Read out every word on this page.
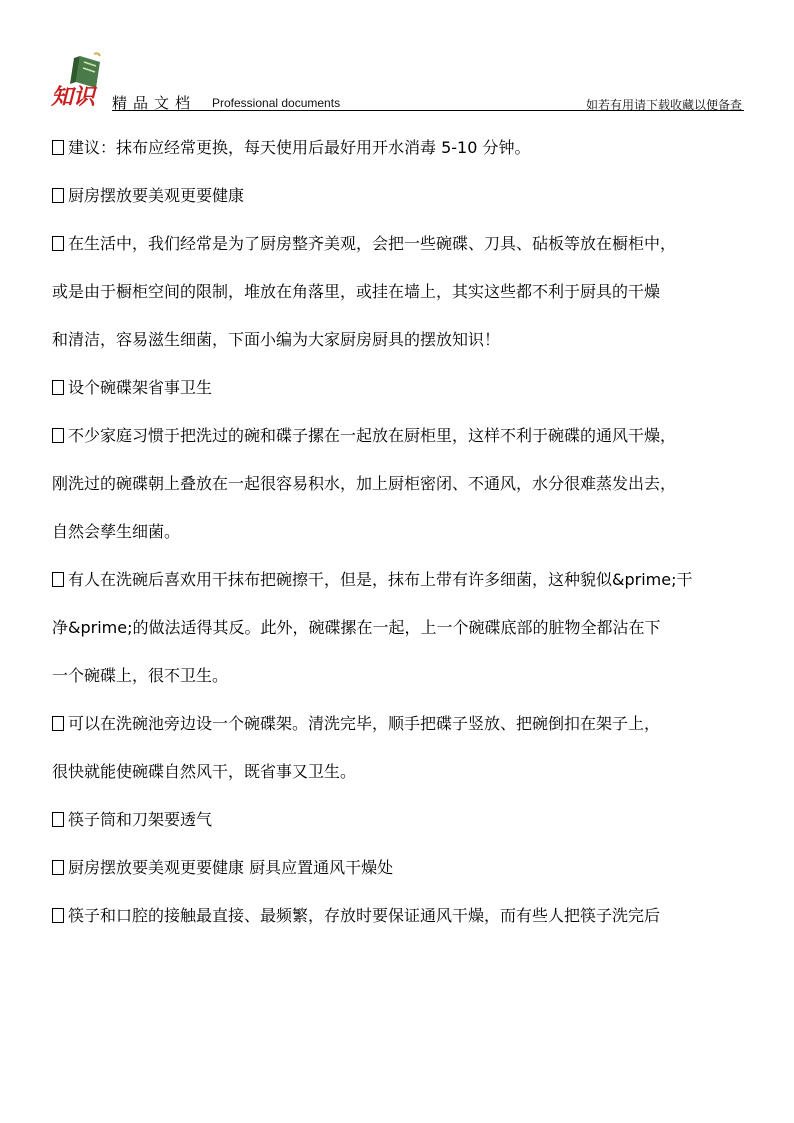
知识 精品文档 Professional documents	如若有用请下载收藏以便备查

建议：抹布应经常更换，每天使用后最好用开水消毒 5-10 分钟。

厨房摆放要美观更要健康

在生活中，我们经常是为了厨房整齐美观，会把一些碗碟、刀具、砧板等放在橱柜中，
或是由于橱柜空间的限制，堆放在角落里，或挂在墙上，其实这些都不利于厨具的干燥
和清洁，容易滋生细菌，下面小编为大家厨房厨具的摆放知识！

设个碗碟架省事卫生

不少家庭习惯于把洗过的碗和碟子摞在一起放在厨柜里，这样不利于碗碟的通风干燥，
刚洗过的碗碟朝上叠放在一起很容易积水，加上厨柜密闭、不通风，水分很难蒸发出去，
自然会孳生细菌。

有人在洗碗后喜欢用干抹布把碗擦干，但是，抹布上带有许多细菌，这种貌似&prime;干
净&prime;的做法适得其反。此外，碗碟摞在一起，上一个碗碟底部的脏物全都沾在下
一个碗碟上，很不卫生。

可以在洗碗池旁边设一个碗碟架。清洗完毕，顺手把碟子竖放、把碗倒扣在架子上，
很快就能使碗碟自然风干，既省事又卫生。

筷子筒和刀架要透气

厨房摆放要美观更要健康 厨具应置通风干燥处

筷子和口腔的接触最直接、最频繁，存放时要保证通风干燥，而有些人把筷子洗完后
